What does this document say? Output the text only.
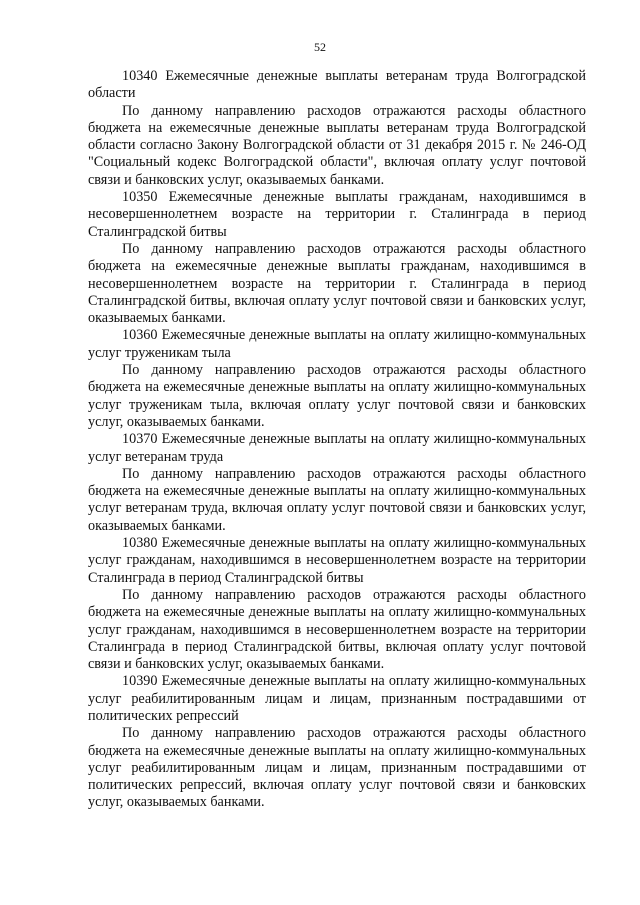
52

10340 Ежемесячные денежные выплаты ветеранам труда Волгоградской области

По данному направлению расходов отражаются расходы областного бюджета на ежемесячные денежные выплаты ветеранам труда Волгоградской области согласно Закону Волгоградской области от 31 декабря 2015 г. № 246-ОД "Социальный кодекс Волгоградской области", включая оплату услуг почтовой связи и банковских услуг, оказываемых банками.

10350 Ежемесячные денежные выплаты гражданам, находившимся в несовершеннолетнем возрасте на территории г. Сталинграда в период Сталинградской битвы

По данному направлению расходов отражаются расходы областного бюджета на ежемесячные денежные выплаты гражданам, находившимся в несовершеннолетнем возрасте на территории г. Сталинграда в период Сталинградской битвы, включая оплату услуг почтовой связи и банковских услуг, оказываемых банками.

10360 Ежемесячные денежные выплаты на оплату жилищно-коммунальных услуг труженикам тыла

По данному направлению расходов отражаются расходы областного бюджета на ежемесячные денежные выплаты на оплату жилищно-коммунальных услуг труженикам тыла, включая оплату услуг почтовой связи и банковских услуг, оказываемых банками.

10370 Ежемесячные денежные выплаты на оплату жилищно-коммунальных услуг ветеранам труда

По данному направлению расходов отражаются расходы областного бюджета на ежемесячные денежные выплаты на оплату жилищно-коммунальных услуг ветеранам труда, включая оплату услуг почтовой связи и банковских услуг, оказываемых банками.

10380 Ежемесячные денежные выплаты на оплату жилищно-коммунальных услуг гражданам, находившимся в несовершеннолетнем возрасте на территории Сталинграда в период Сталинградской битвы

По данному направлению расходов отражаются расходы областного бюджета на ежемесячные денежные выплаты на оплату жилищно-коммунальных услуг гражданам, находившимся в несовершеннолетнем возрасте на территории Сталинграда в период Сталинградской битвы, включая оплату услуг почтовой связи и банковских услуг, оказываемых банками.

10390 Ежемесячные денежные выплаты на оплату жилищно-коммунальных услуг реабилитированным лицам и лицам, признанным пострадавшими от политических репрессий

По данному направлению расходов отражаются расходы областного бюджета на ежемесячные денежные выплаты на оплату жилищно-коммунальных услуг реабилитированным лицам и лицам, признанным пострадавшими от политических репрессий, включая оплату услуг почтовой связи и банковских услуг, оказываемых банками.
